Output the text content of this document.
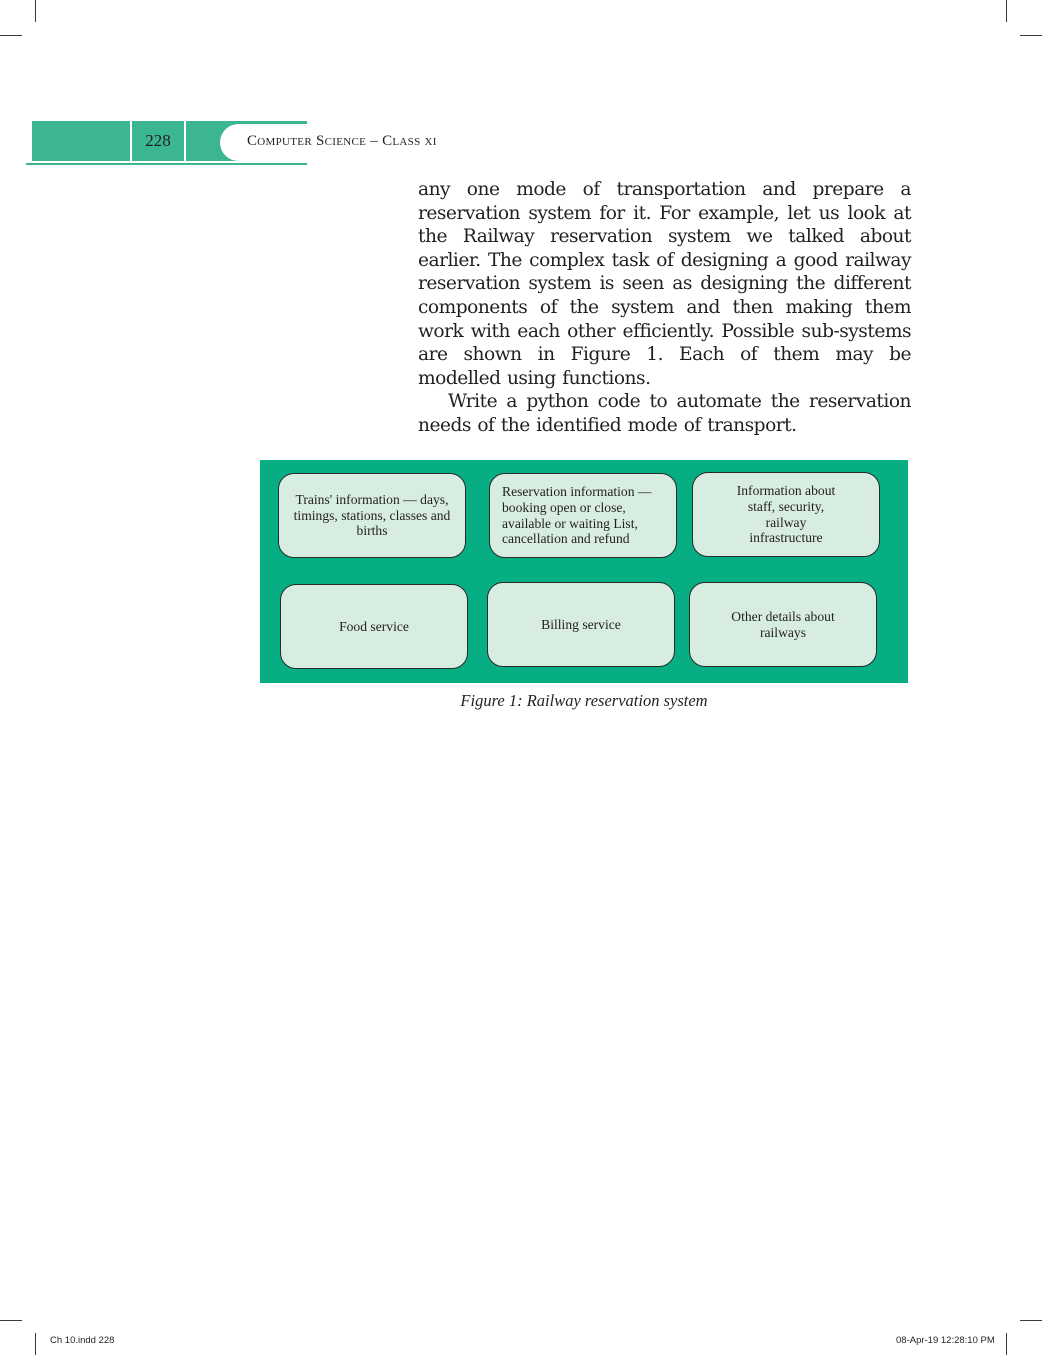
228	Computer Science – Class xi

any one mode of transportation and prepare a reservation system for it. For example, let us look at the Railway reservation system we talked about earlier. The complex task of designing a good railway reservation system is seen as designing the different components of the system and then making them work with each other efficiently. Possible sub-systems are shown in Figure 1. Each of them may be modelled using functions.

Write a python code to automate the reservation needs of the identified mode of transport.

Trains' information — days, timings, stations, classes and births
Reservation information — booking open or close, available or waiting List, cancellation and refund
Information about staff, security, railway infrastructure
Food service	Billing service
Other details about railways
Figure 1: Railway reservation system
Ch 10.indd 228	08-Apr-19 12:28:10 PM
